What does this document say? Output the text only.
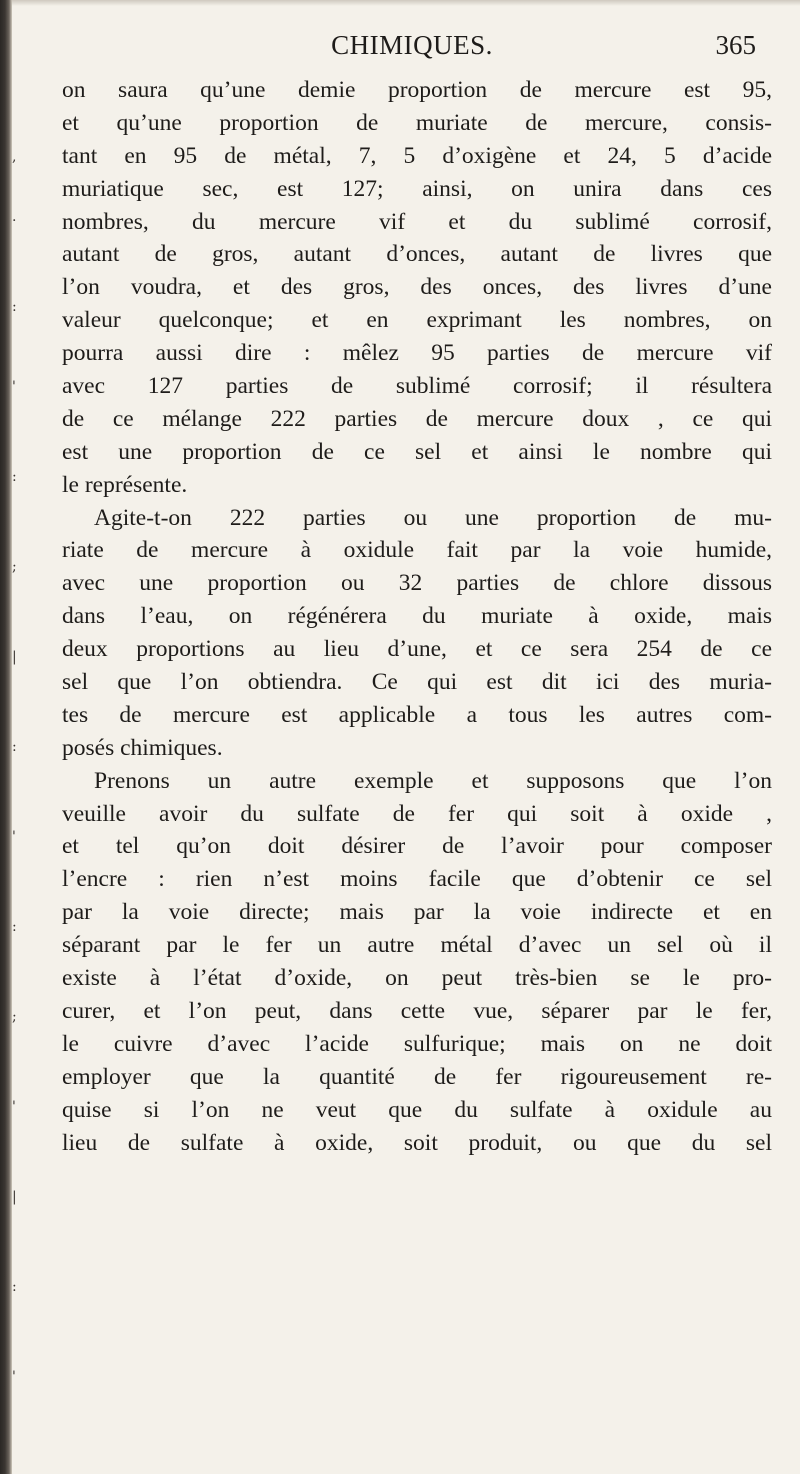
,
.
:
'
:
;
|
:
'
:
;
'
|
:
'
CHIMIQUES.	365
on saura qu’une demie proportion de mercure est 95,
et qu’une proportion de muriate de mercure, consis-
tant en 95 de métal, 7, 5 d’oxigène et 24, 5 d’acide
muriatique sec, est 127; ainsi, on unira dans ces
nombres, du mercure vif et du sublimé corrosif,
autant de gros, autant d’onces, autant de livres que
l’on voudra, et des gros, des onces, des livres d’une
valeur quelconque; et en exprimant les nombres, on
pourra aussi dire : mêlez 95 parties de mercure vif
avec 127 parties de sublimé corrosif; il résultera
de ce mélange 222 parties de mercure doux , ce qui
est une proportion de ce sel et ainsi le nombre qui
le représente.
Agite-t-on 222 parties ou une proportion de mu-
riate de mercure à oxidule fait par la voie humide,
avec une proportion ou 32 parties de chlore dissous
dans l’eau, on régénérera du muriate à oxide, mais
deux proportions au lieu d’une, et ce sera 254 de ce
sel que l’on obtiendra. Ce qui est dit ici des muria-
tes de mercure est applicable a tous les autres com-
posés chimiques.
Prenons un autre exemple et supposons que l’on
veuille avoir du sulfate de fer qui soit à oxide ,
et tel qu’on doit désirer de l’avoir pour composer
l’encre : rien n’est moins facile que d’obtenir ce sel
par la voie directe; mais par la voie indirecte et en
séparant par le fer un autre métal d’avec un sel où il
existe à l’état d’oxide, on peut très-bien se le pro-
curer, et l’on peut, dans cette vue, séparer par le fer,
le cuivre d’avec l’acide sulfurique; mais on ne doit
employer que la quantité de fer rigoureusement re-
quise si l’on ne veut que du sulfate à oxidule au
lieu de sulfate à oxide, soit produit, ou que du sel
